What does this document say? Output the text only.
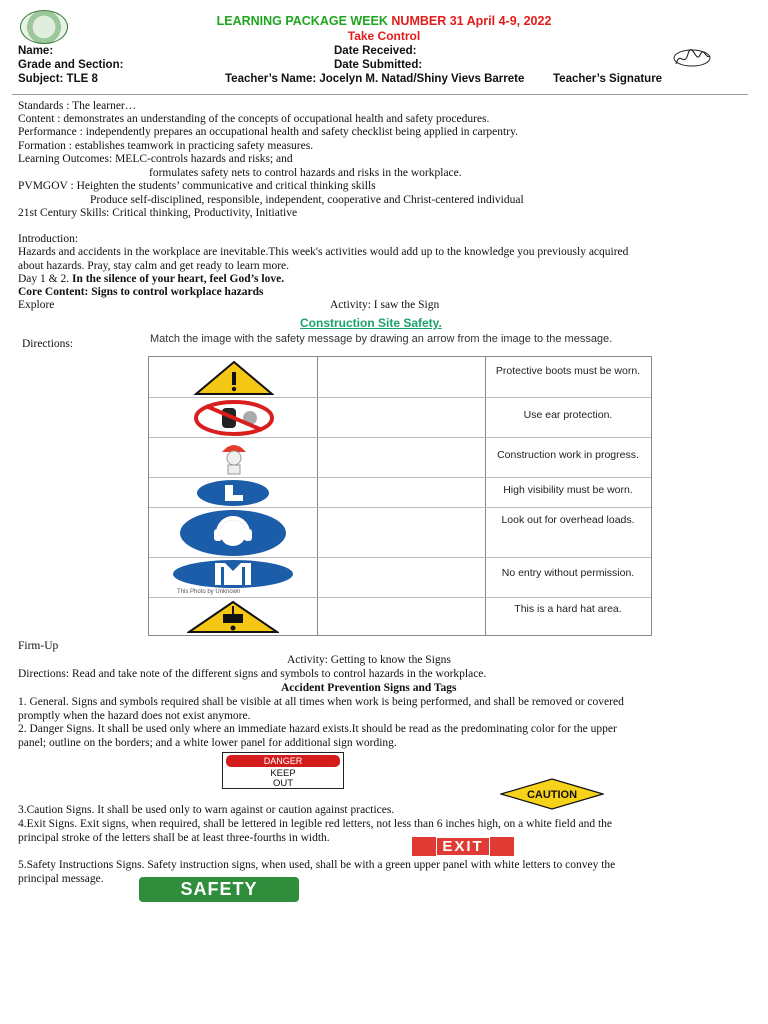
LEARNING PACKAGE WEEK NUMBER 31 April 4-9, 2022
Take Control
Name:
Grade and Section:
Subject: TLE 8
Date Received:
Date Submitted:
Teacher’s Name: Jocelyn M. Natad/Shiny Vievs Barrete Teacher’s Signature
Standards : The learner…
Content : demonstrates an understanding of the concepts of occupational health and safety procedures.
Performance : independently prepares an occupational health and safety checklist being applied in carpentry.
Formation : establishes teamwork in practicing safety measures.
Learning Outcomes: MELC-controls hazards and risks; and
formulates safety nets to control hazards and risks in the workplace.
PVMGOV : Heighten the students’ communicative and critical thinking skills
Produce self-disciplined, responsible, independent, cooperative and Christ-centered individual
21st Century Skills: Critical thinking, Productivity, Initiative
Introduction:
Hazards and accidents in the workplace are inevitable.This week's activities would add up to the knowledge you previously acquired
about hazards. Pray, stay calm and get ready to learn more.
Day 1 & 2. In the silence of your heart, feel God’s love.
Core Content: Signs to control workplace hazards
Explore	Activity: I saw the Sign
Directions:
Construction Site Safety.
Match the image with the safety message by drawing an arrow from the image to the message.
This Photo by Unknown
Protective boots must be worn.
Use ear protection.
Construction work in progress.
High visibility must be worn.
Look out for overhead loads.
No entry without permission.
This is a hard hat area.
Firm-Up
Activity: Getting to know the Signs
Directions: Read and take note of the different signs and symbols to control hazards in the workplace.
Accident Prevention Signs and Tags
1. General. Signs and symbols required shall be visible at all times when work is being performed, and shall be removed or covered
promptly when the hazard does not exist anymore.
2. Danger Signs. It shall be used only where an immediate hazard exists.It should be read as the predominating color for the upper
panel; outline on the borders; and a white lower panel for additional sign wording.
DANGER
KEEP
OUT
CAUTION
3.Caution Signs. It shall be used only to warn against or caution against practices.
4.Exit Signs. Exit signs, when required, shall be lettered in legible red letters, not less than 6 inches high, on a white field and the
principal stroke of the letters shall be at least three-fourths in width.	EXIT
5.Safety Instructions Signs. Safety instruction signs, when used, shall be with a green upper panel with white letters to convey the
principal message.	SAFETY
